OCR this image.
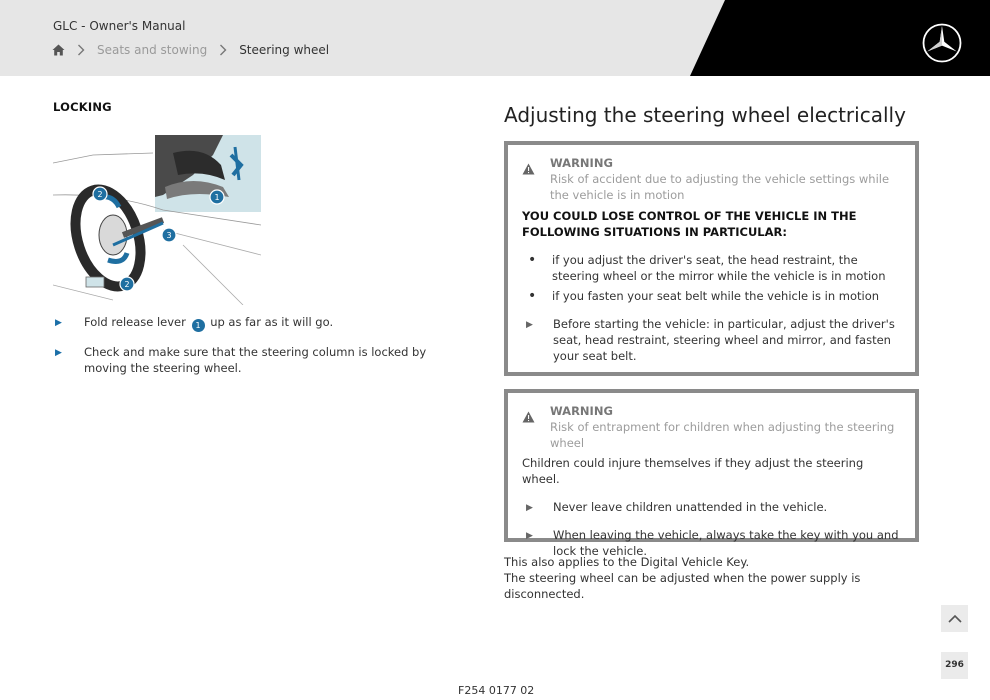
GLC - Owner's Manual
Seats and stowing	Steering wheel
LOCKING
1
2
3
2
▶	Fold release lever 1 up as far as it will go.
▶	Check and make sure that the steering column is locked by moving the steering wheel.
Adjusting the steering wheel electrically
WARNING
Risk of accident due to adjusting the vehicle settings while the vehicle is in motion
YOU COULD LOSE CONTROL OF THE VEHICLE IN THE FOLLOWING SITUATIONS IN PARTICULAR:
•	if you adjust the driver's seat, the head restraint, the steering wheel or the mirror while the vehicle is in motion
•	if you fasten your seat belt while the vehicle is in motion
▶	Before starting the vehicle: in particular, adjust the driver's seat, head restraint, steering wheel and mirror, and fasten your seat belt.
WARNING
Risk of entrapment for children when adjusting the steering wheel
Children could injure themselves if they adjust the steering wheel.
▶	Never leave children unattended in the vehicle.
▶	When leaving the vehicle, always take the key with you and lock the vehicle.
This also applies to the Digital Vehicle Key.
The steering wheel can be adjusted when the power supply is disconnected.
296
F254 0177 02
